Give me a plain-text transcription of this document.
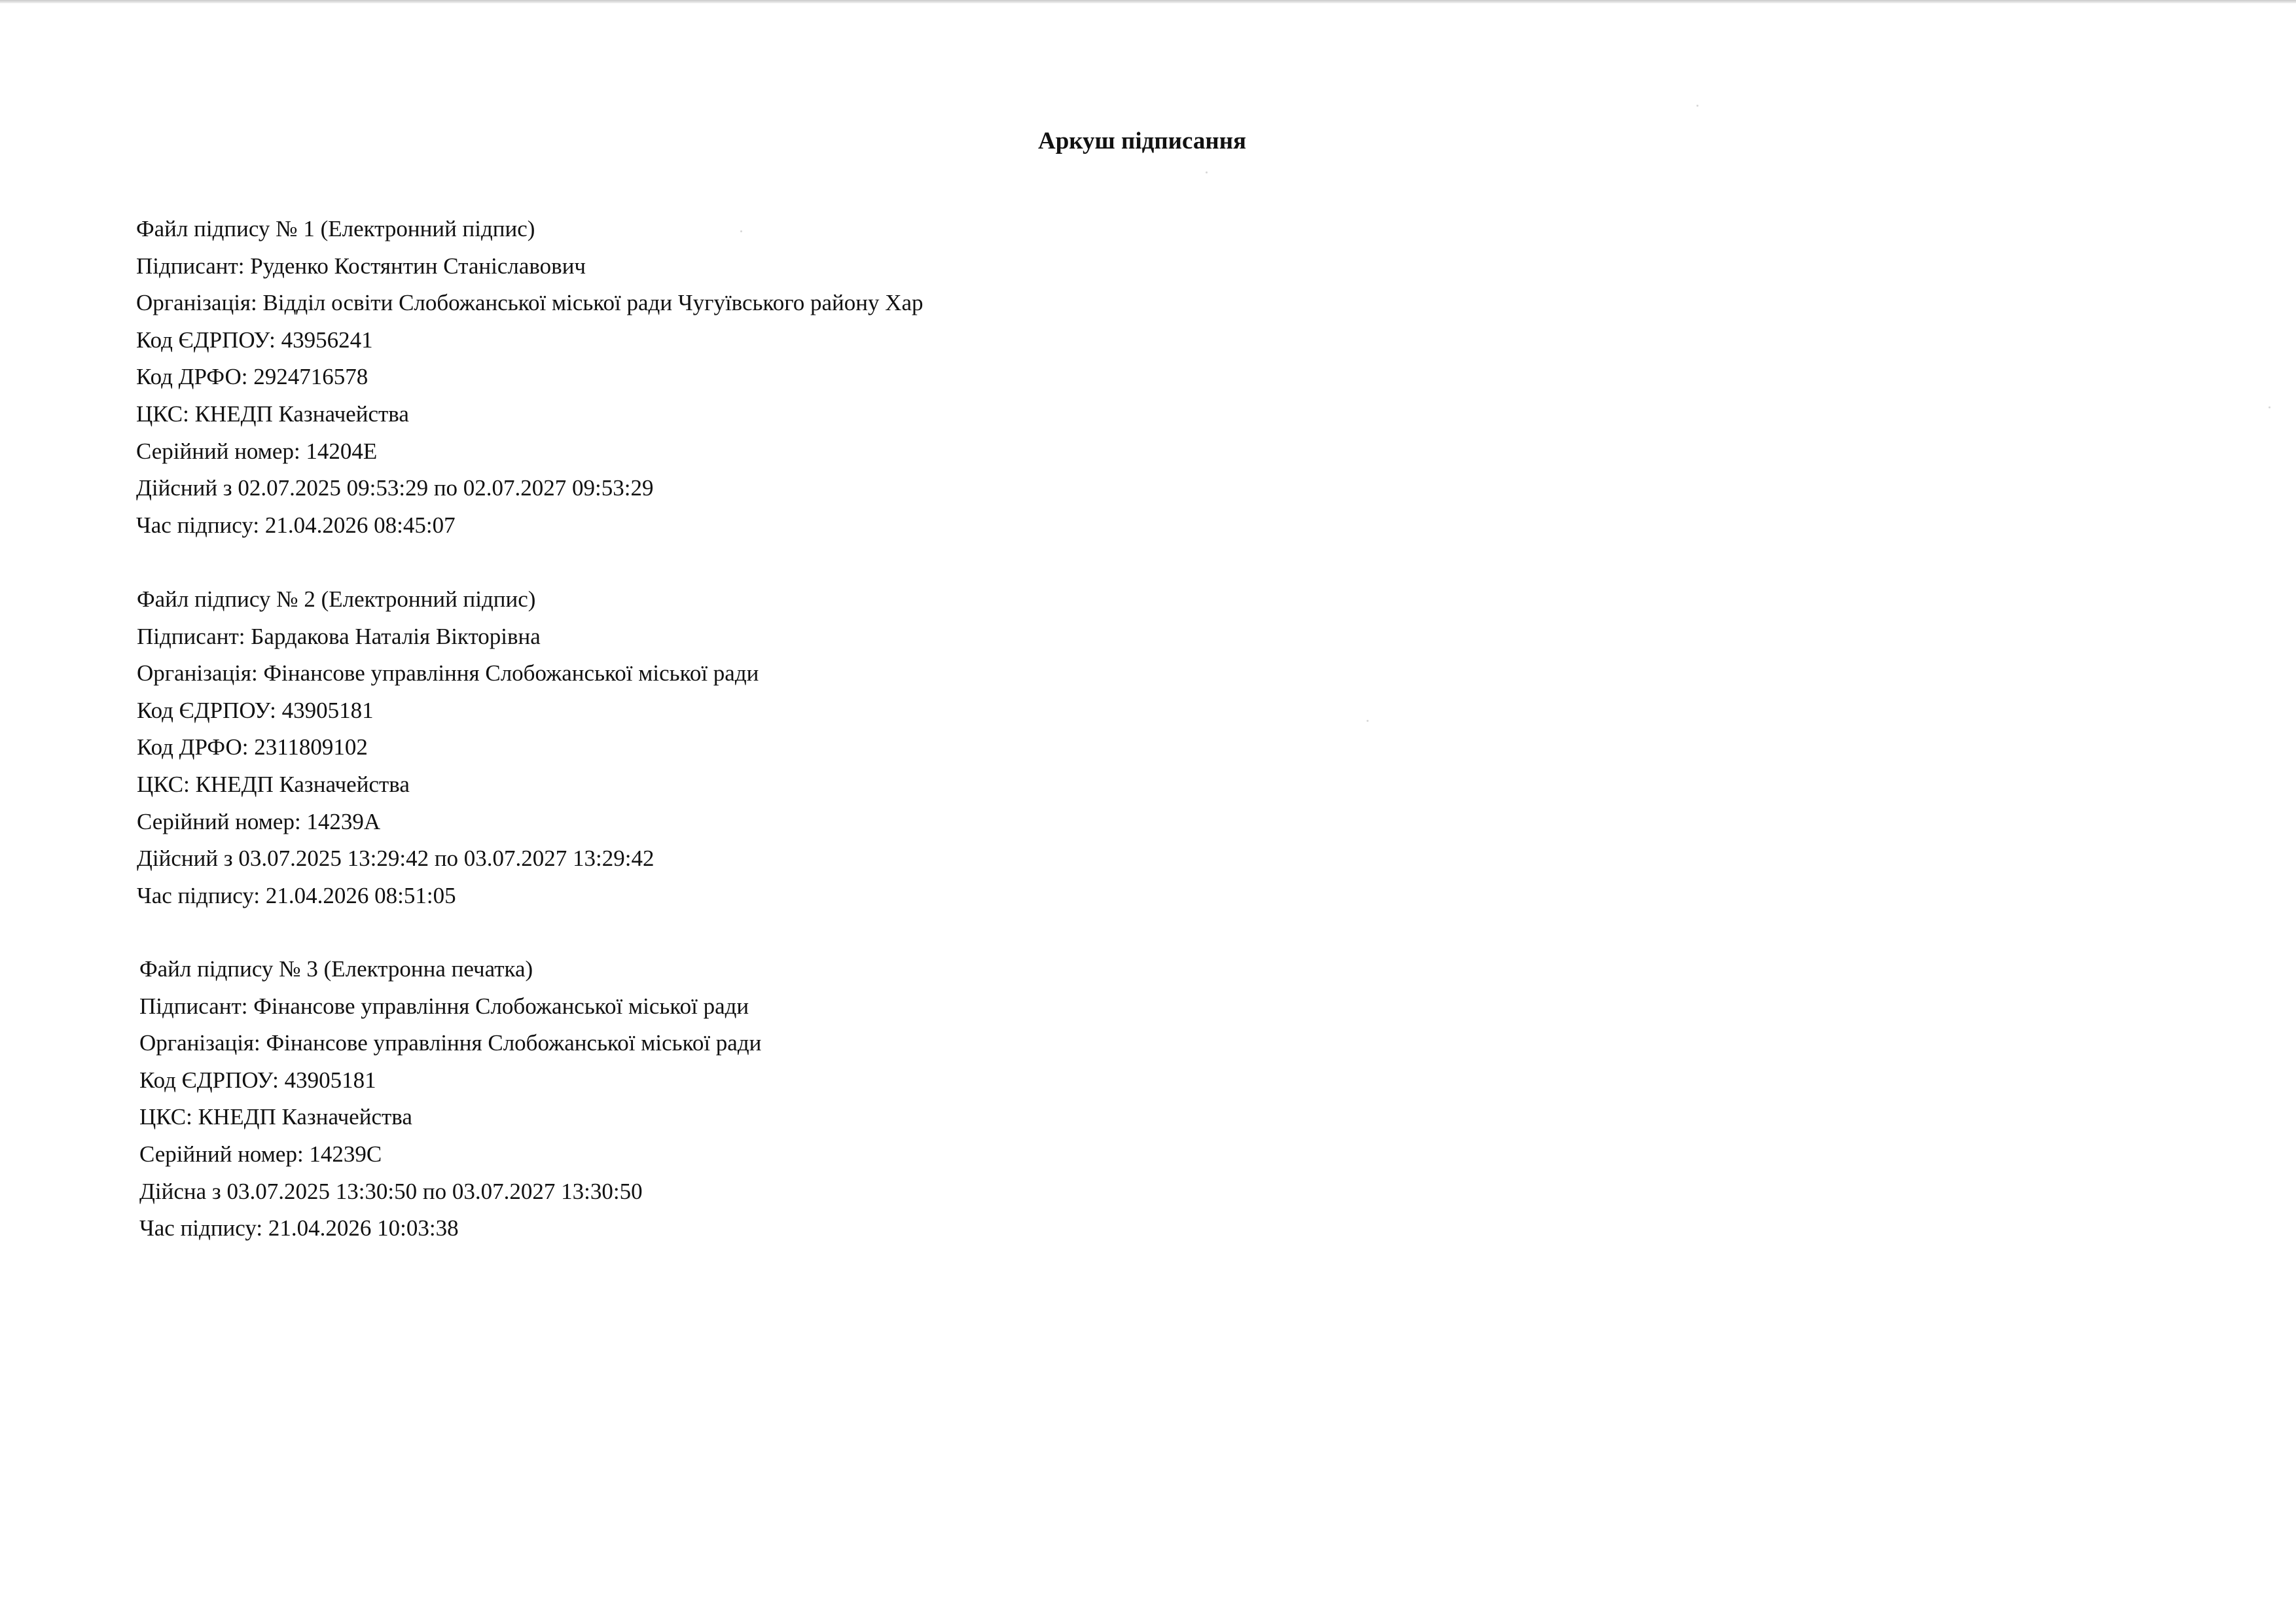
Аркуш підписання
Файл підпису № 1 (Електронний підпис)
Підписант: Руденко Костянтин Станіславович
Організація: Відділ освіти Слобожанської міської ради Чугуївського району Хар
Код ЄДРПОУ: 43956241
Код ДРФО: 2924716578
ЦКС: КНЕДП Казначейства
Серійний номер: 14204E
Дійсний з 02.07.2025 09:53:29 по 02.07.2027 09:53:29
Час підпису: 21.04.2026 08:45:07
Файл підпису № 2 (Електронний підпис)
Підписант: Бардакова Наталія Вікторівна
Організація: Фінансове управління Слобожанської міської ради
Код ЄДРПОУ: 43905181
Код ДРФО: 2311809102
ЦКС: КНЕДП Казначейства
Серійний номер: 14239A
Дійсний з 03.07.2025 13:29:42 по 03.07.2027 13:29:42
Час підпису: 21.04.2026 08:51:05
Файл підпису № 3 (Електронна печатка)
Підписант: Фінансове управління Слобожанської міської ради
Організація: Фінансове управління Слобожанської міської ради
Код ЄДРПОУ: 43905181
ЦКС: КНЕДП Казначейства
Серійний номер: 14239C
Дійсна з 03.07.2025 13:30:50 по 03.07.2027 13:30:50
Час підпису: 21.04.2026 10:03:38
